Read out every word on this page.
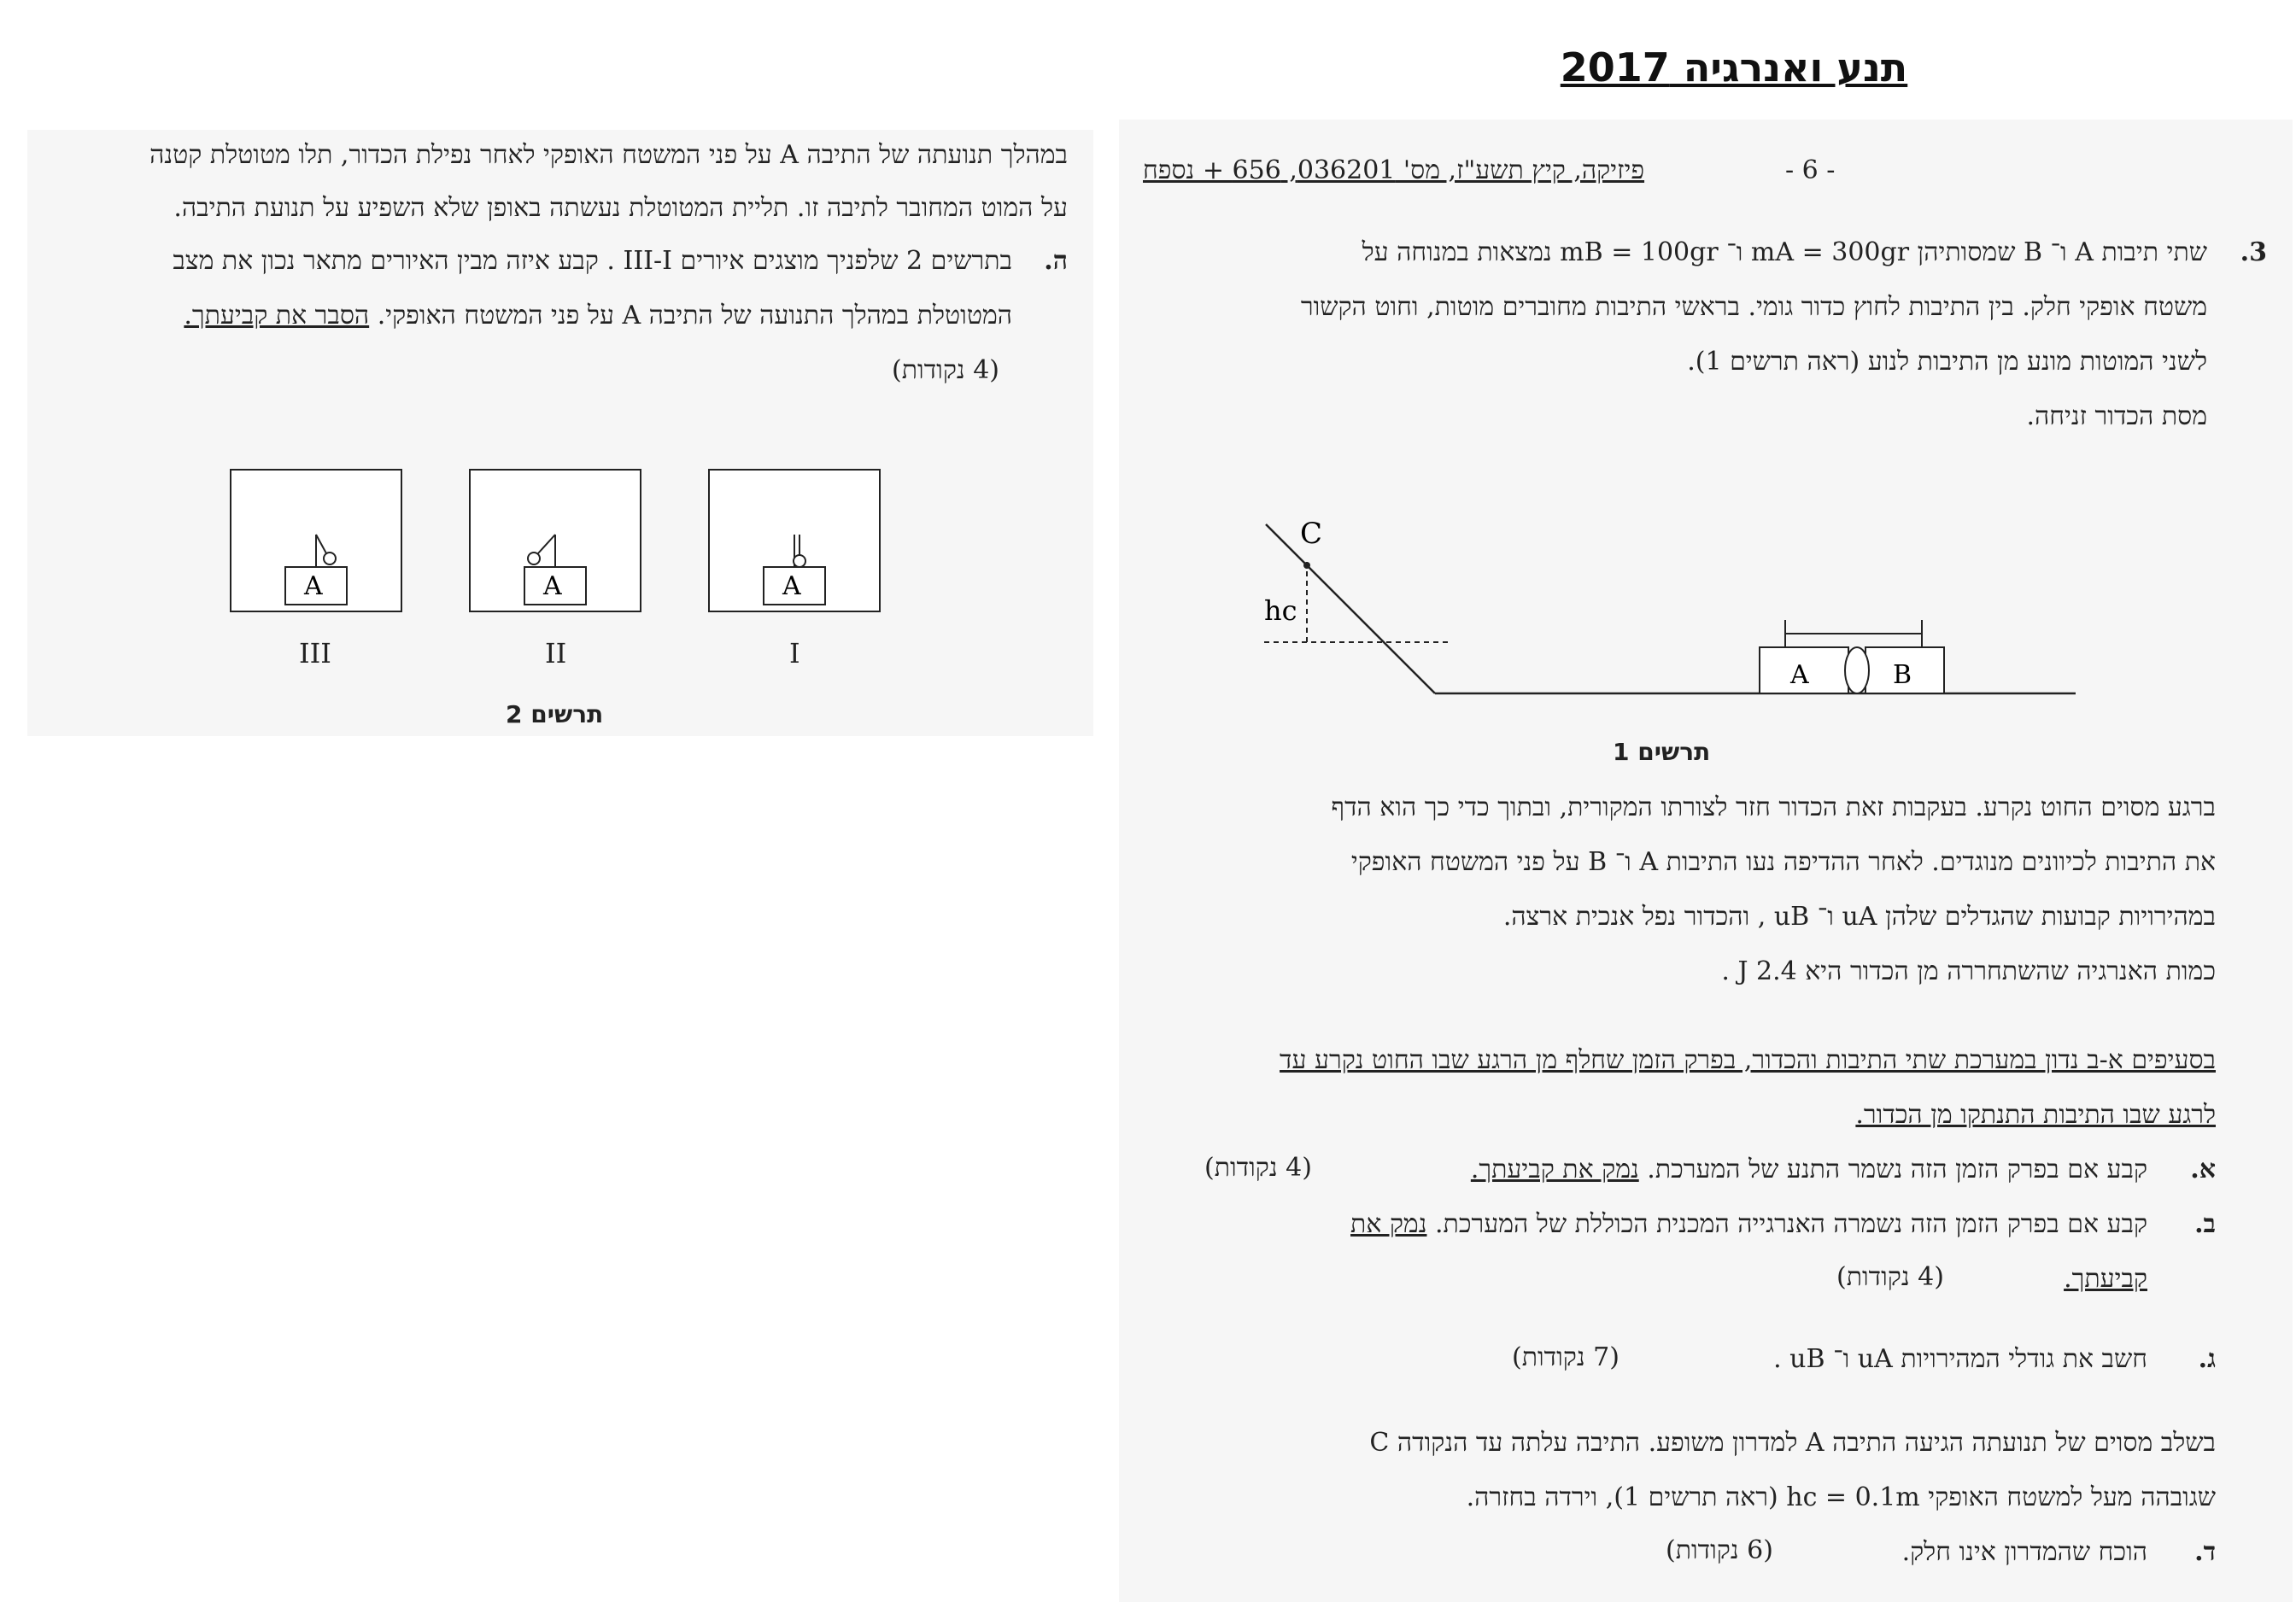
תנע ואנרגיה 2017
במהלך תנועתה של התיבה A על פני המשטח האופקי לאחר נפילת הכדור, תלו מטוטלת קטנה
על המוט המחובר לתיבה זו. תליית המטוטלת נעשתה באופן שלא השפיע על תנועת התיבה.
ה.
בתרשים 2 שלפניך מוצגים איורים III-I . קבע איזה מבין האיורים מתאר נכון את מצב
המטוטלת במהלך התנועה של התיבה A על פני המשטח האופקי. הסבר את קביעתך.
(4 נקודות)
A	A	A
III	II	I
תרשים 2
פיזיקה, קיץ תשע"ז, מס' 036201, 656 + נספח	- 6 -
3.
שתי תיבות A ו־ B שמסותיהן mA = 300gr ו־ mB = 100gr נמצאות במנוחה על
משטח אופקי חלק. בין התיבות לחוץ כדור גומי. בראשי התיבות מחוברים מוטות, וחוט הקשור
לשני המוטות מונע מן התיבות לנוע (ראה תרשים 1).
מסת הכדור זניחה.
C
hc
A	B
תרשים 1
ברגע מסוים החוט נקרע. בעקבות זאת הכדור חזר לצורתו המקורית, ובתוך כדי כך הוא הדף
את התיבות לכיוונים מנוגדים. לאחר ההדיפה נעו התיבות A ו־ B על פני המשטח האופקי
במהירויות קבועות שהגדלים שלהן uA ו־ uB , והכדור נפל אנכית ארצה.
כמות האנרגיה שהשתחררה מן הכדור היא 2.4 J .
בסעיפים א-ב נדון במערכת שתי התיבות והכדור, בפרק הזמן שחלף מן הרגע שבו החוט נקרע עד
לרגע שבו התיבות התנתקו מן הכדור.
א.
קבע אם בפרק הזמן הזה נשמר התנע של המערכת. נמק את קביעתך.
(4 נקודות)
ב.
קבע אם בפרק הזמן הזה נשמרה האנרגייה המכנית הכוללת של המערכת. נמק את
קביעתך.
(4 נקודות)
ג.
חשב את גודלי המהירויות uA ו־ uB .
(7 נקודות)
בשלב מסוים של תנועתה הגיעה התיבה A למדרון משופע. התיבה עלתה עד הנקודה C
שגובהה מעל למשטח האופקי hc = 0.1m (ראה תרשים 1), וירדה בחזרה.
ד.
הוכח שהמדרון אינו חלק.
(6 נקודות)
